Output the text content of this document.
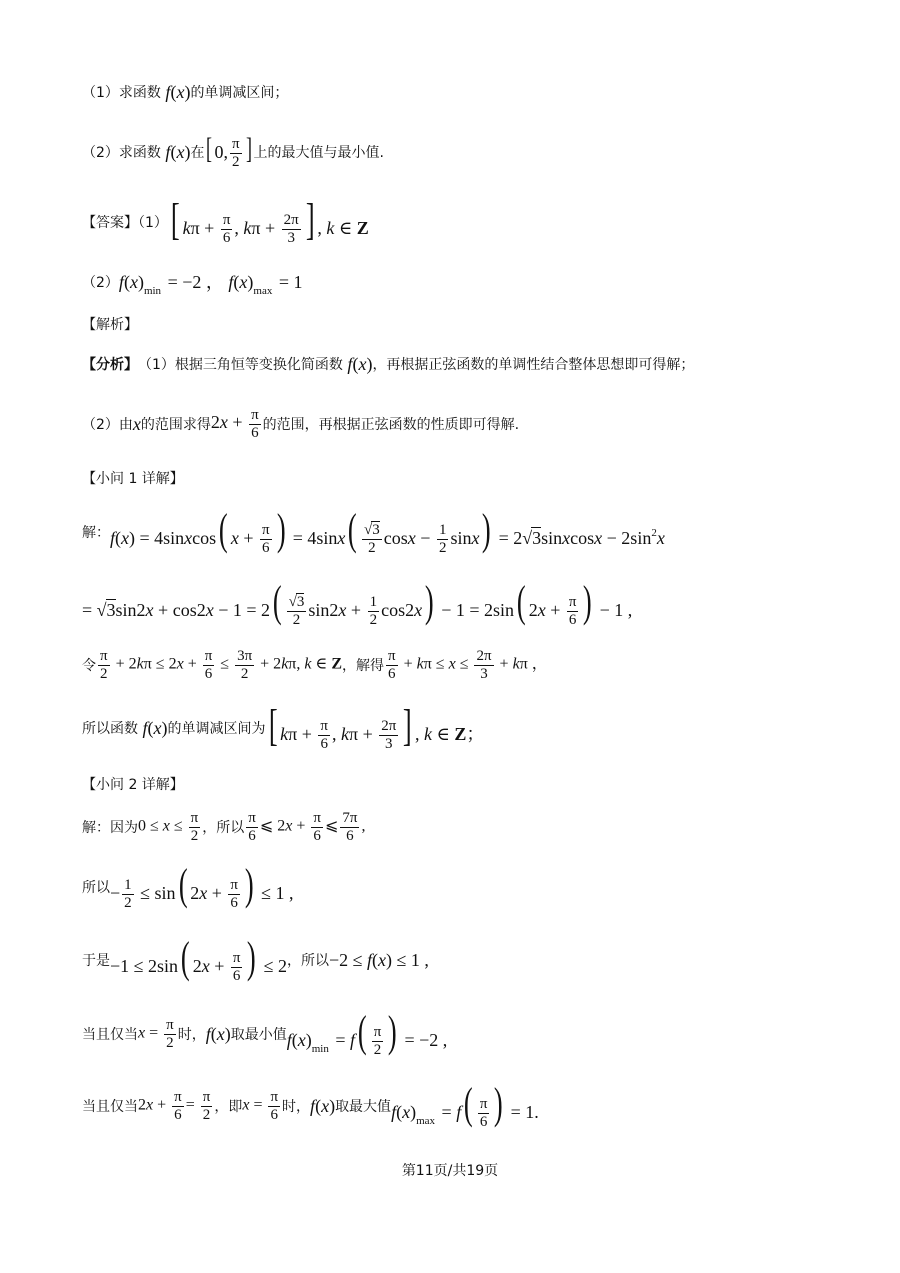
（1）求函数 f(x) 的单调减区间；
（2）求函数 f(x) 在 [ 0, $\frac{\pi}{2}$ ] 上的最大值与最小值.
【答案】（1） [ $k\pi + \frac{\pi}{6}$ , $k\pi + \frac{2\pi}{3}$ ] , k ∈ Z
（2） $f(x)_{min} = -2$ ， $f(x)_{max} = 1$
【解析】
【分析】 （1）根据三角恒等变换化简函数 f(x) ，再根据正弦函数的单调性结合整体思想即可得解；
（2）由 x 的范围求得 $2x + \frac{\pi}{6}$ 的范围，再根据正弦函数的性质即可得解.
【小问 1 详解】
解： f(x) = 4sinxcos( $x + \frac{\pi}{6}$ ) = $4\sin x( \frac{√3}{2}$ $\cos x - \frac{1}{2} \sin x$) = 2√3sinxcosx − $2\sin^2x$
= $√3\sin 2x + \cos 2x - 1 = 2( \frac{√3}{2} \sin 2x + \frac{1}{2} \cos 2x) - 1 = 2\sin$( $2x + \frac{\pi}{6}$ ) − 1 ,
令 $\frac{\pi}{2} + 2k\pi \le 2x + \frac{\pi}{6} \le \frac{3\pi}{2} + 2k\pi$, k ∈ Z ，解得 $\frac{\pi}{6} + k\pi \le x \le \frac{2\pi}{3} + k\pi$ ，
所以函数 f(x) 的单调减区间为 [ $k\pi + \frac{\pi}{6}$ , $k\pi + \frac{2\pi}{3}$ ] , k ∈ Z；
【小问 2 详解】
解：因为 $0 \le x \le \frac{\pi}{2}$ ，所以 $\frac{\pi}{6}$ ⩽ $2x + \frac{\pi}{6}$ ⩽ $\frac{7\pi}{6}$ ,
所以 − $\frac{1}{2} \le \sin$( $2x + \frac{\pi}{6}$ ) ≤ 1 ,
于是 −1 ≤ 2sin( $2x + \frac{\pi}{6}$ ) ≤ 2 ，所以 −2 ≤ f(x) ≤ 1 ,
当且仅当 $x = \frac{\pi}{2}$ 时， f(x) 取最小值 $f(x)_{min} = f( \frac{\pi}{2}$ ) = −2 ,
当且仅当 $2x + \frac{\pi}{6} = \frac{\pi}{2}$ ，即 $x = \frac{\pi}{6}$ 时， f(x) 取最大值 $f(x)_{max} = f( \frac{\pi}{6}$ ) = 1.
第11页/共19页
